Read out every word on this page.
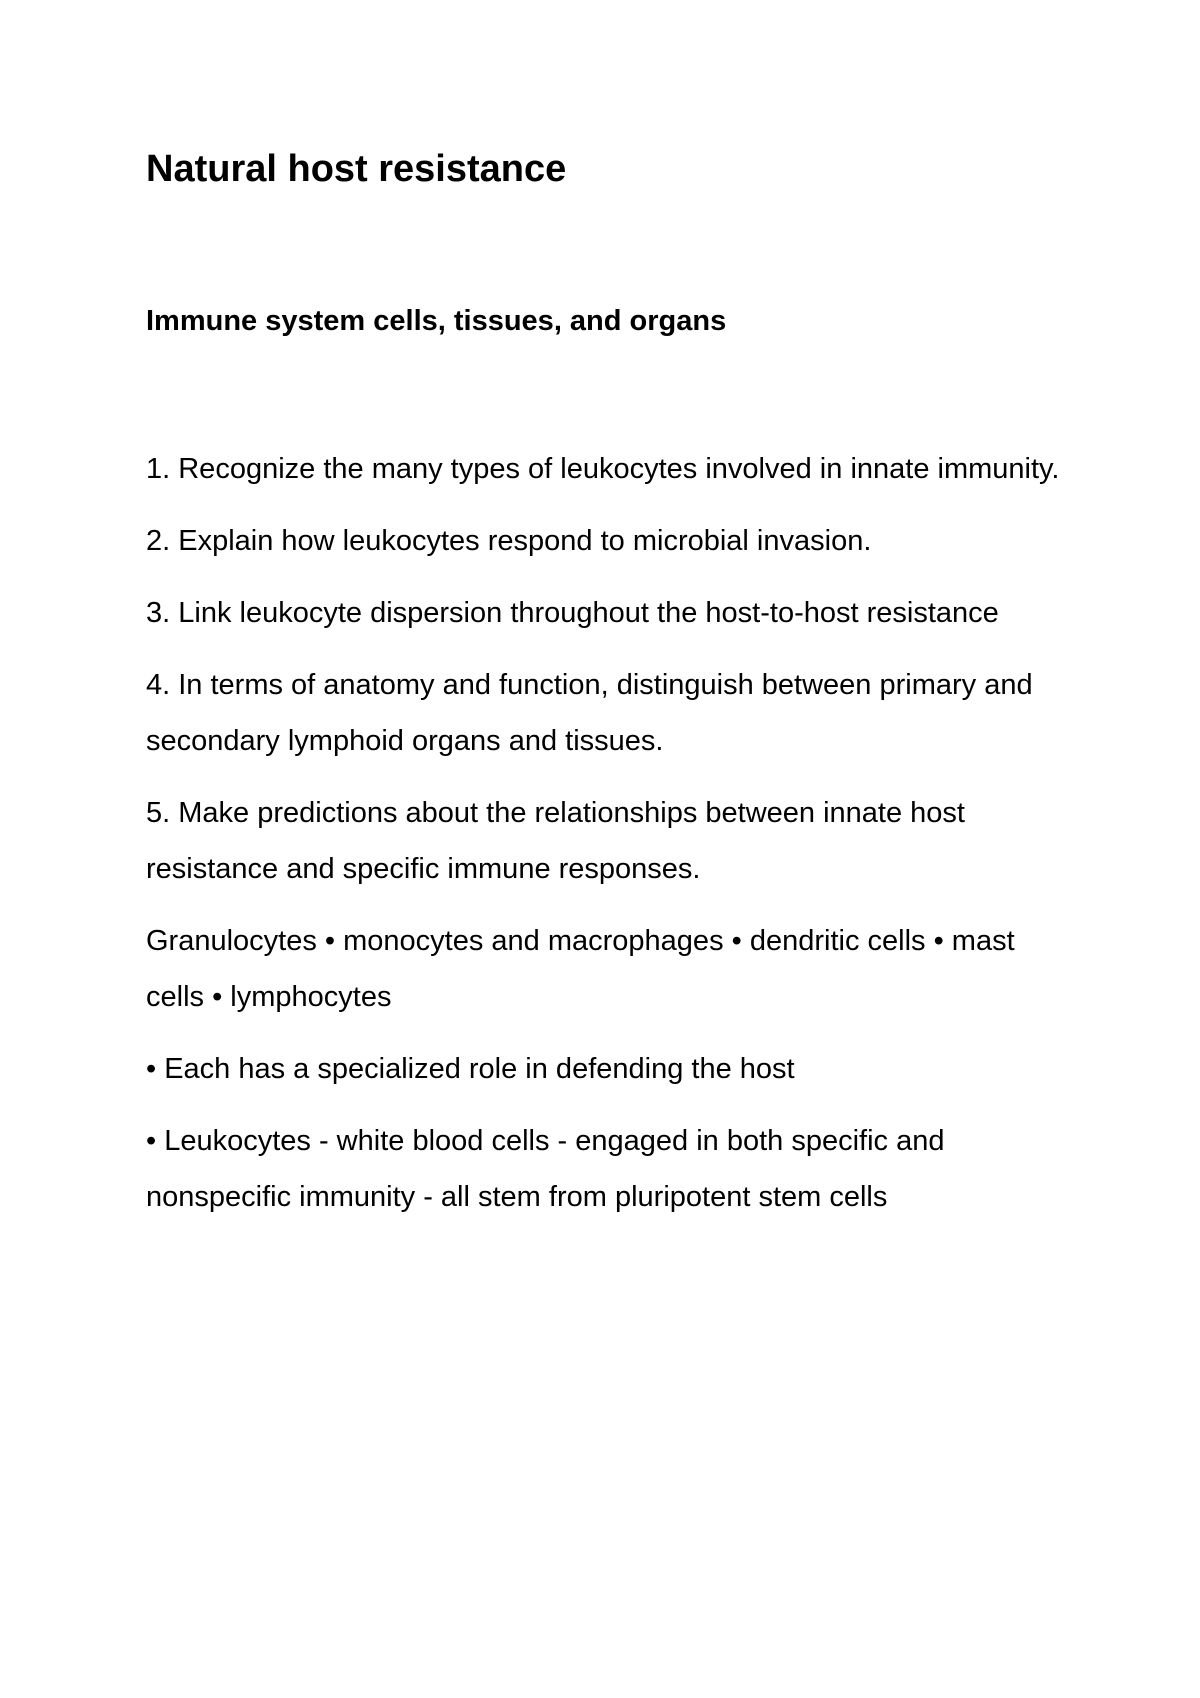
Natural host resistance
Immune system cells, tissues, and organs

1. Recognize the many types of leukocytes involved in innate immunity.

2. Explain how leukocytes respond to microbial invasion.

3. Link leukocyte dispersion throughout the host-to-host resistance

4. In terms of anatomy and function, distinguish between primary and secondary lymphoid organs and tissues.

5. Make predictions about the relationships between innate host resistance and specific immune responses.

Granulocytes • monocytes and macrophages • dendritic cells • mast cells • lymphocytes

• Each has a specialized role in defending the host

• Leukocytes - white blood cells - engaged in both specific and nonspecific immunity - all stem from pluripotent stem cells
